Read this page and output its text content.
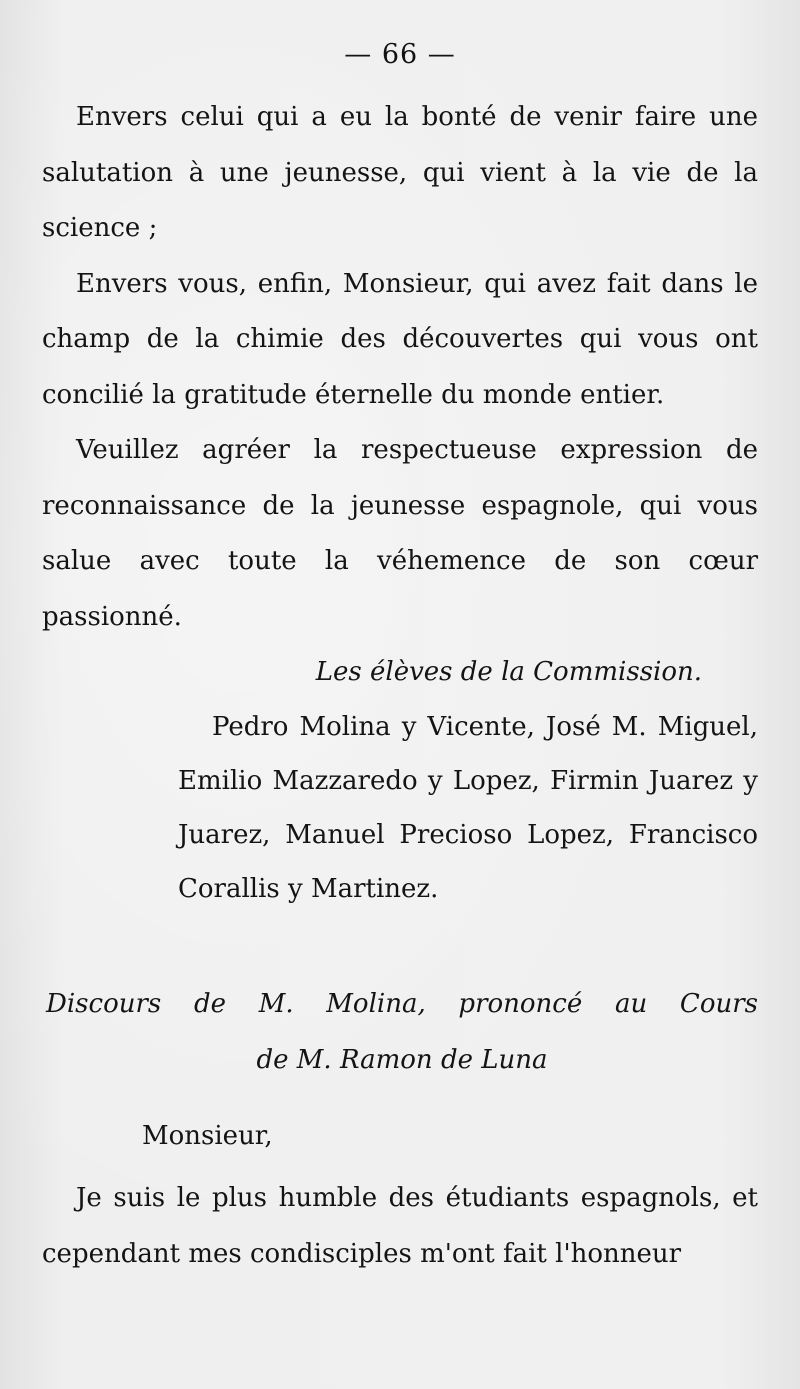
— 66 —

Envers celui qui a eu la bonté de venir faire une salutation à une jeunesse, qui vient à la vie de la science ;

Envers vous, enfin, Monsieur, qui avez fait dans le champ de la chimie des découvertes qui vous ont concilié la gratitude éternelle du monde entier.

Veuillez agréer la respectueuse expression de reconnaissance de la jeunesse espagnole, qui vous salue avec toute la véhemence de son cœur passionné.

Les élèves de la Commission.

Pedro Molina y Vicente, José M. Miguel, Emilio Mazzaredo y Lopez, Firmin Juarez y Juarez, Manuel Precioso Lopez, Francisco Corallis y Martinez.

Discours de M. Molina, prononcé au Cours
de M. Ramon de Luna

Monsieur,

Je suis le plus humble des étudiants espagnols, et cependant mes condisciples m'ont fait l'honneur
